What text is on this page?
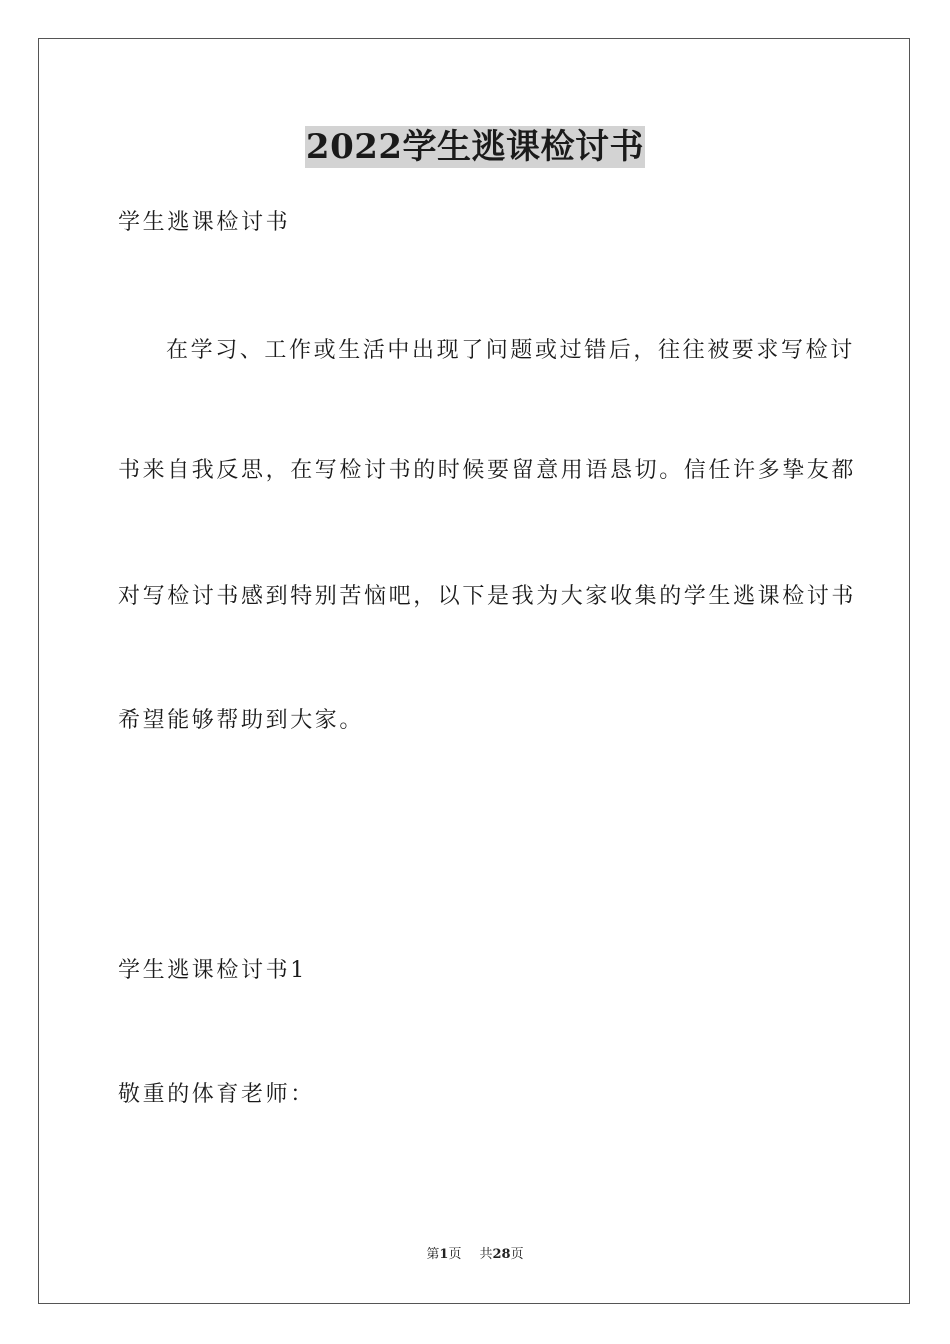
2022学生逃课检讨书

学生逃课检讨书

在学习、工作或生活中出现了问题或过错后，往往被要求写检讨

书来自我反思，在写检讨书的时候要留意用语恳切。信任许多挚友都

对写检讨书感到特别苦恼吧，以下是我为大家收集的学生逃课检讨书

希望能够帮助到大家。

学生逃课检讨书1

敬重的体育老师：

第1页 共28页
